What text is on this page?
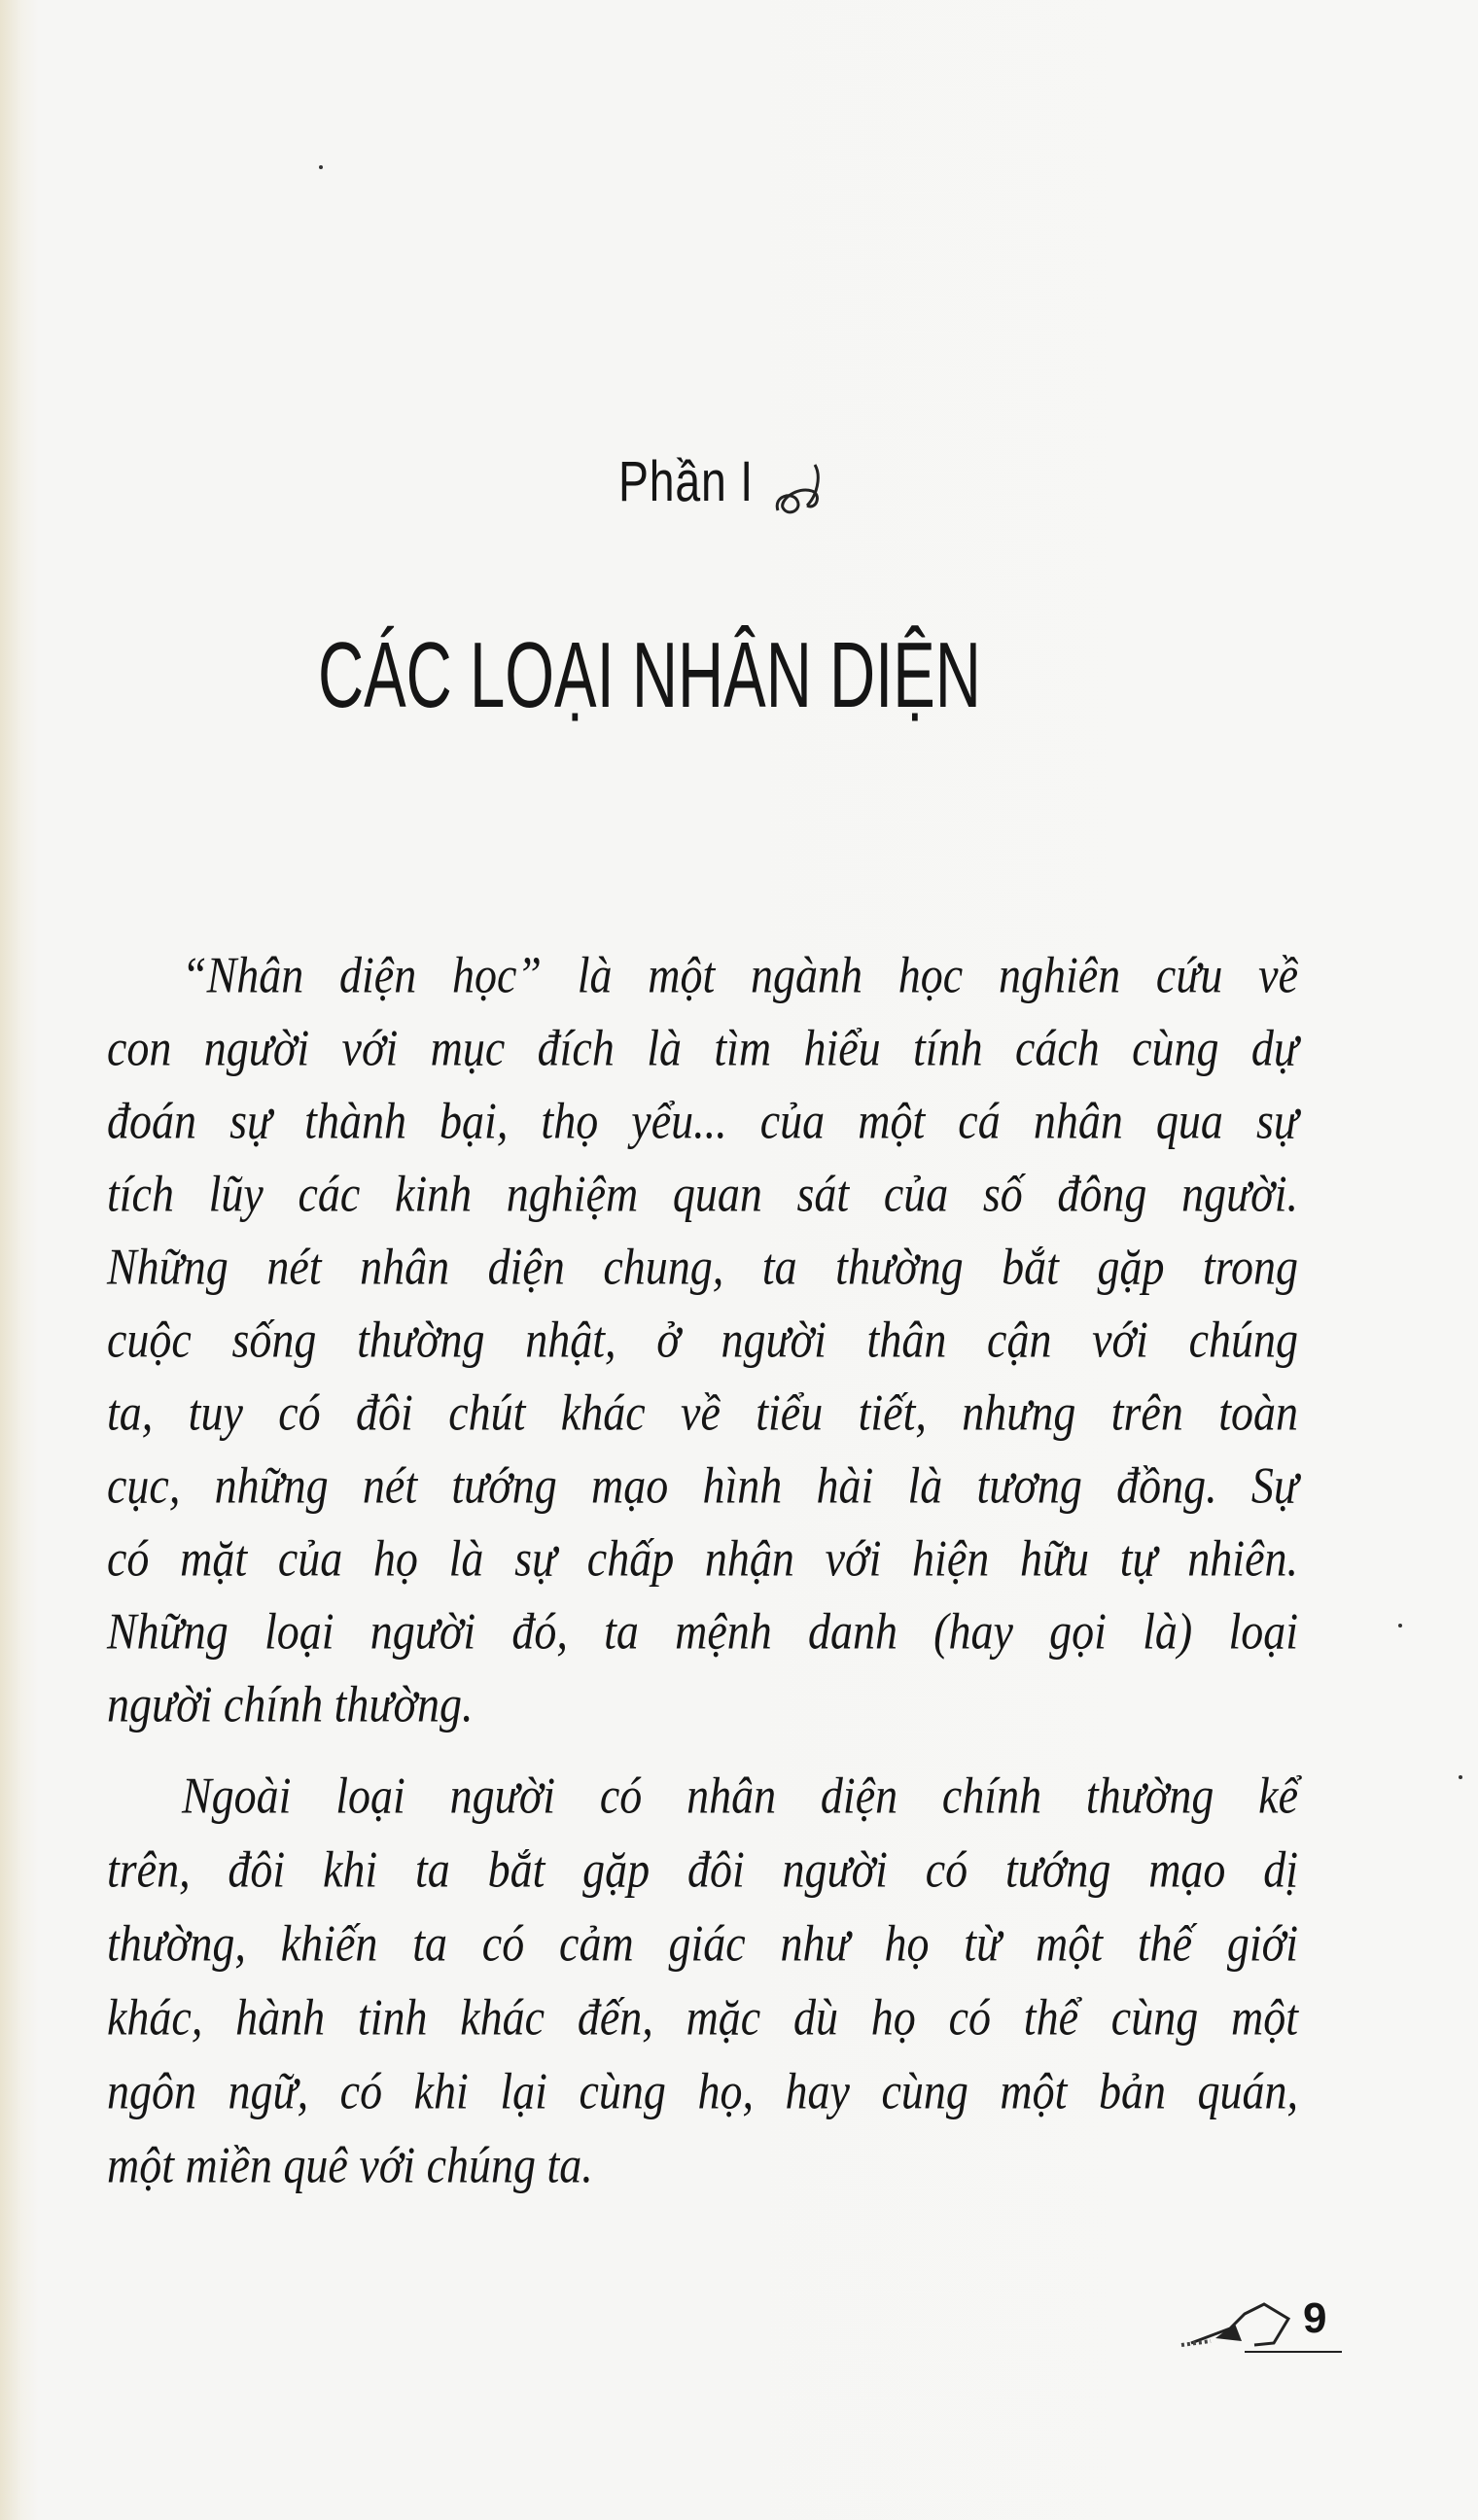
Phần I
CÁC LOẠI NHÂN DIỆN
“Nhân diện học” là một ngành học nghiên cứu về
con người với mục đích là tìm hiểu tính cách cùng dự
đoán sự thành bại, thọ yểu... của một cá nhân qua sự
tích lũy các kinh nghiệm quan sát của số đông người.
Những nét nhân diện chung, ta thường bắt gặp trong
cuộc sống thường nhật, ở người thân cận với chúng
ta, tuy có đôi chút khác về tiểu tiết, nhưng trên toàn
cục, những nét tướng mạo hình hài là tương đồng. Sự
có mặt của họ là sự chấp nhận với hiện hữu tự nhiên.
Những loại người đó, ta mệnh danh (hay gọi là) loại
người chính thường.
Ngoài loại người có nhân diện chính thường kể
trên, đôi khi ta bắt gặp đôi người có tướng mạo dị
thường, khiến ta có cảm giác như họ từ một thế giới
khác, hành tinh khác đến, mặc dù họ có thể cùng một
ngôn ngữ, có khi lại cùng họ, hay cùng một bản quán,
một miền quê với chúng ta.
9
